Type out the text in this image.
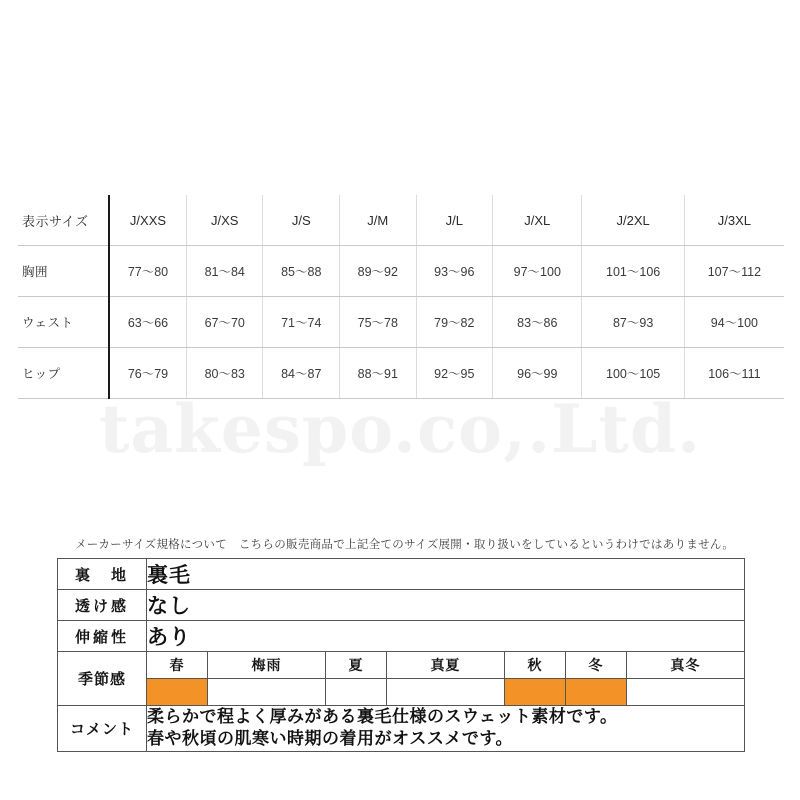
takespo.co,.Ltd.
表示サイズ	J/XXS	J/XS	J/S	J/M	J/L	J/XL	J/2XL	J/3XL
胸囲	77〜80	81〜84	85〜88	89〜92	93〜96	97〜100	101〜106	107〜112
ウェスト	63〜66	67〜70	71〜74	75〜78	79〜82	83〜86	87〜93	94〜100
ヒップ	76〜79	80〜83	84〜87	88〜91	92〜95	96〜99	100〜105	106〜111
メーカーサイズ規格について　こちらの販売商品で上記全てのサイズ展開・取り扱いをしているというわけではありません。
裏　地	裏毛						
透け感	なし						
伸縮性	あり						
季節感	春	梅雨	夏	真夏	秋	冬	真冬

コメント	柔らかで程よく厚みがある裏毛仕様のスウェット素材です。
春や秋頃の肌寒い時期の着用がオススメです。						
